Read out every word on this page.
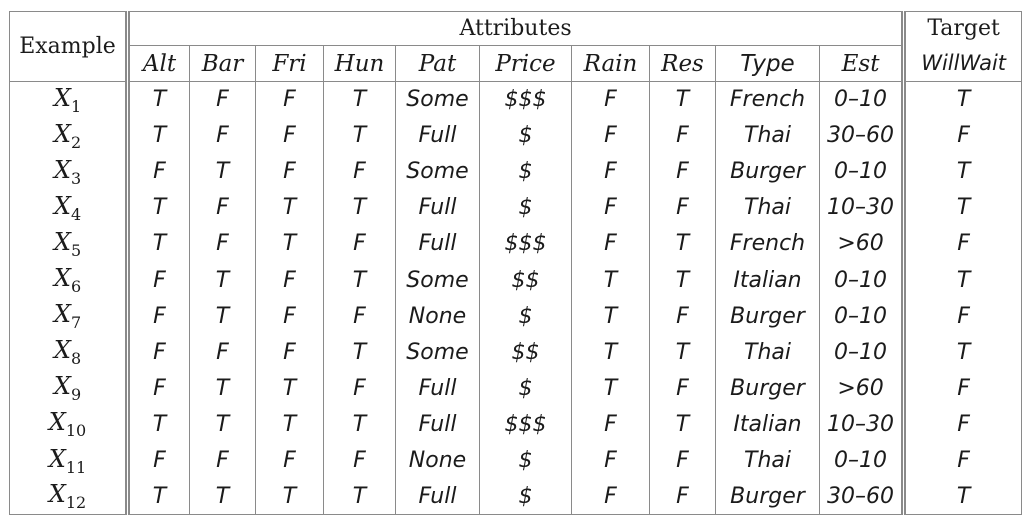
Example	Attributes										Target
	Alt	Bar	Fri	Hun	Pat	Price	Rain	Res	Type	Est	WillWait
$X_1$	T	F	F	T	Some	$$$	F	T	French	0–10	T
$X_2$	T	F	F	T	Full	$	F	F	Thai	30–60	F
$X_3$	F	T	F	F	Some	$	F	F	Burger	0–10	T
$X_4$	T	F	T	T	Full	$	F	F	Thai	10–30	T
$X_5$	T	F	T	F	Full	$$$	F	T	French	>60	F
$X_6$	F	T	F	T	Some	$$	T	T	Italian	0–10	T
$X_7$	F	T	F	F	None	$	T	F	Burger	0–10	F
$X_8$	F	F	F	T	Some	$$	T	T	Thai	0–10	T
$X_9$	F	T	T	F	Full	$	T	F	Burger	>60	F
$X_{10}$	T	T	T	T	Full	$$$	F	T	Italian	10–30	F
$X_{11}$	F	F	F	F	None	$	F	F	Thai	0–10	F
$X_{12}$	T	T	T	T	Full	$	F	F	Burger	30–60	T
